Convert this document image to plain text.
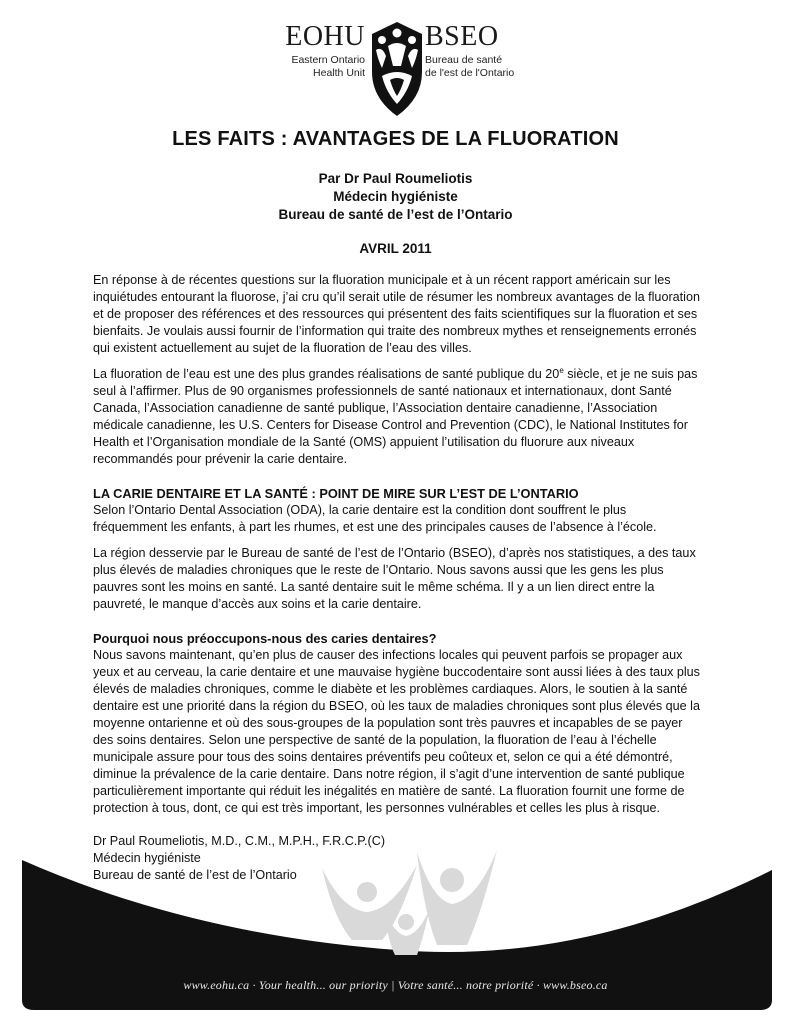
EOHU
Eastern Ontario
Health Unit
BSEO
Bureau de santé
de l'est de l'Ontario
LES FAITS : AVANTAGES DE LA FLUORATION
Par Dr Paul Roumeliotis
Médecin hygiéniste
Bureau de santé de l’est de l’Ontario
AVRIL 2011

En réponse à de récentes questions sur la fluoration municipale et à un récent rapport américain sur les inquiétudes entourant la fluorose, j’ai cru qu’il serait utile de résumer les nombreux avantages de la fluoration et de proposer des références et des ressources qui présentent des faits scientifiques sur la fluoration et ses bienfaits. Je voulais aussi fournir de l’information qui traite des nombreux mythes et renseignements erronés qui existent actuellement au sujet de la fluoration de l’eau des villes.

La fluoration de l’eau est une des plus grandes réalisations de santé publique du 20e siècle, et je ne suis pas seul à l’affirmer. Plus de 90 organismes professionnels de santé nationaux et internationaux, dont Santé Canada, l’Association canadienne de santé publique, l’Association dentaire canadienne, l’Association médicale canadienne, les U.S. Centers for Disease Control and Prevention (CDC), le National Institutes for Health et l’Organisation mondiale de la Santé (OMS) appuient l’utilisation du fluorure aux niveaux recommandés pour prévenir la carie dentaire.

LA CARIE DENTAIRE ET LA SANTÉ : POINT DE MIRE SUR L’EST DE L’ONTARIO

Selon l’Ontario Dental Association (ODA), la carie dentaire est la condition dont souffrent le plus fréquemment les enfants, à part les rhumes, et est une des principales causes de l’absence à l’école.

La région desservie par le Bureau de santé de l’est de l’Ontario (BSEO), d’après nos statistiques, a des taux plus élevés de maladies chroniques que le reste de l’Ontario. Nous savons aussi que les gens les plus pauvres sont les moins en santé. La santé dentaire suit le même schéma. Il y a un lien direct entre la pauvreté, le manque d’accès aux soins et la carie dentaire.

Pourquoi nous préoccupons-nous des caries dentaires?

Nous savons maintenant, qu’en plus de causer des infections locales qui peuvent parfois se propager aux yeux et au cerveau, la carie dentaire et une mauvaise hygiène buccodentaire sont aussi liées à des taux plus élevés de maladies chroniques, comme le diabète et les problèmes cardiaques. Alors, le soutien à la santé dentaire est une priorité dans la région du BSEO, où les taux de maladies chroniques sont plus élevés que la moyenne ontarienne et où des sous-groupes de la population sont très pauvres et incapables de se payer des soins dentaires. Selon une perspective de santé de la population, la fluoration de l’eau à l’échelle municipale assure pour tous des soins dentaires préventifs peu coûteux et, selon ce qui a été démontré, diminue la prévalence de la carie dentaire. Dans notre région, il s’agit d’une intervention de santé publique particulièrement importante qui réduit les inégalités en matière de santé. La fluoration fournit une forme de protection à tous, dont, ce qui est très important, les personnes vulnérables et celles les plus à risque.

Dr Paul Roumeliotis, M.D., C.M., M.P.H., F.R.C.P.(C)
Médecin hygiéniste
Bureau de santé de l’est de l’Ontario
www.eohu.ca · Your health... our priority | Votre santé... notre priorité · www.bseo.ca
